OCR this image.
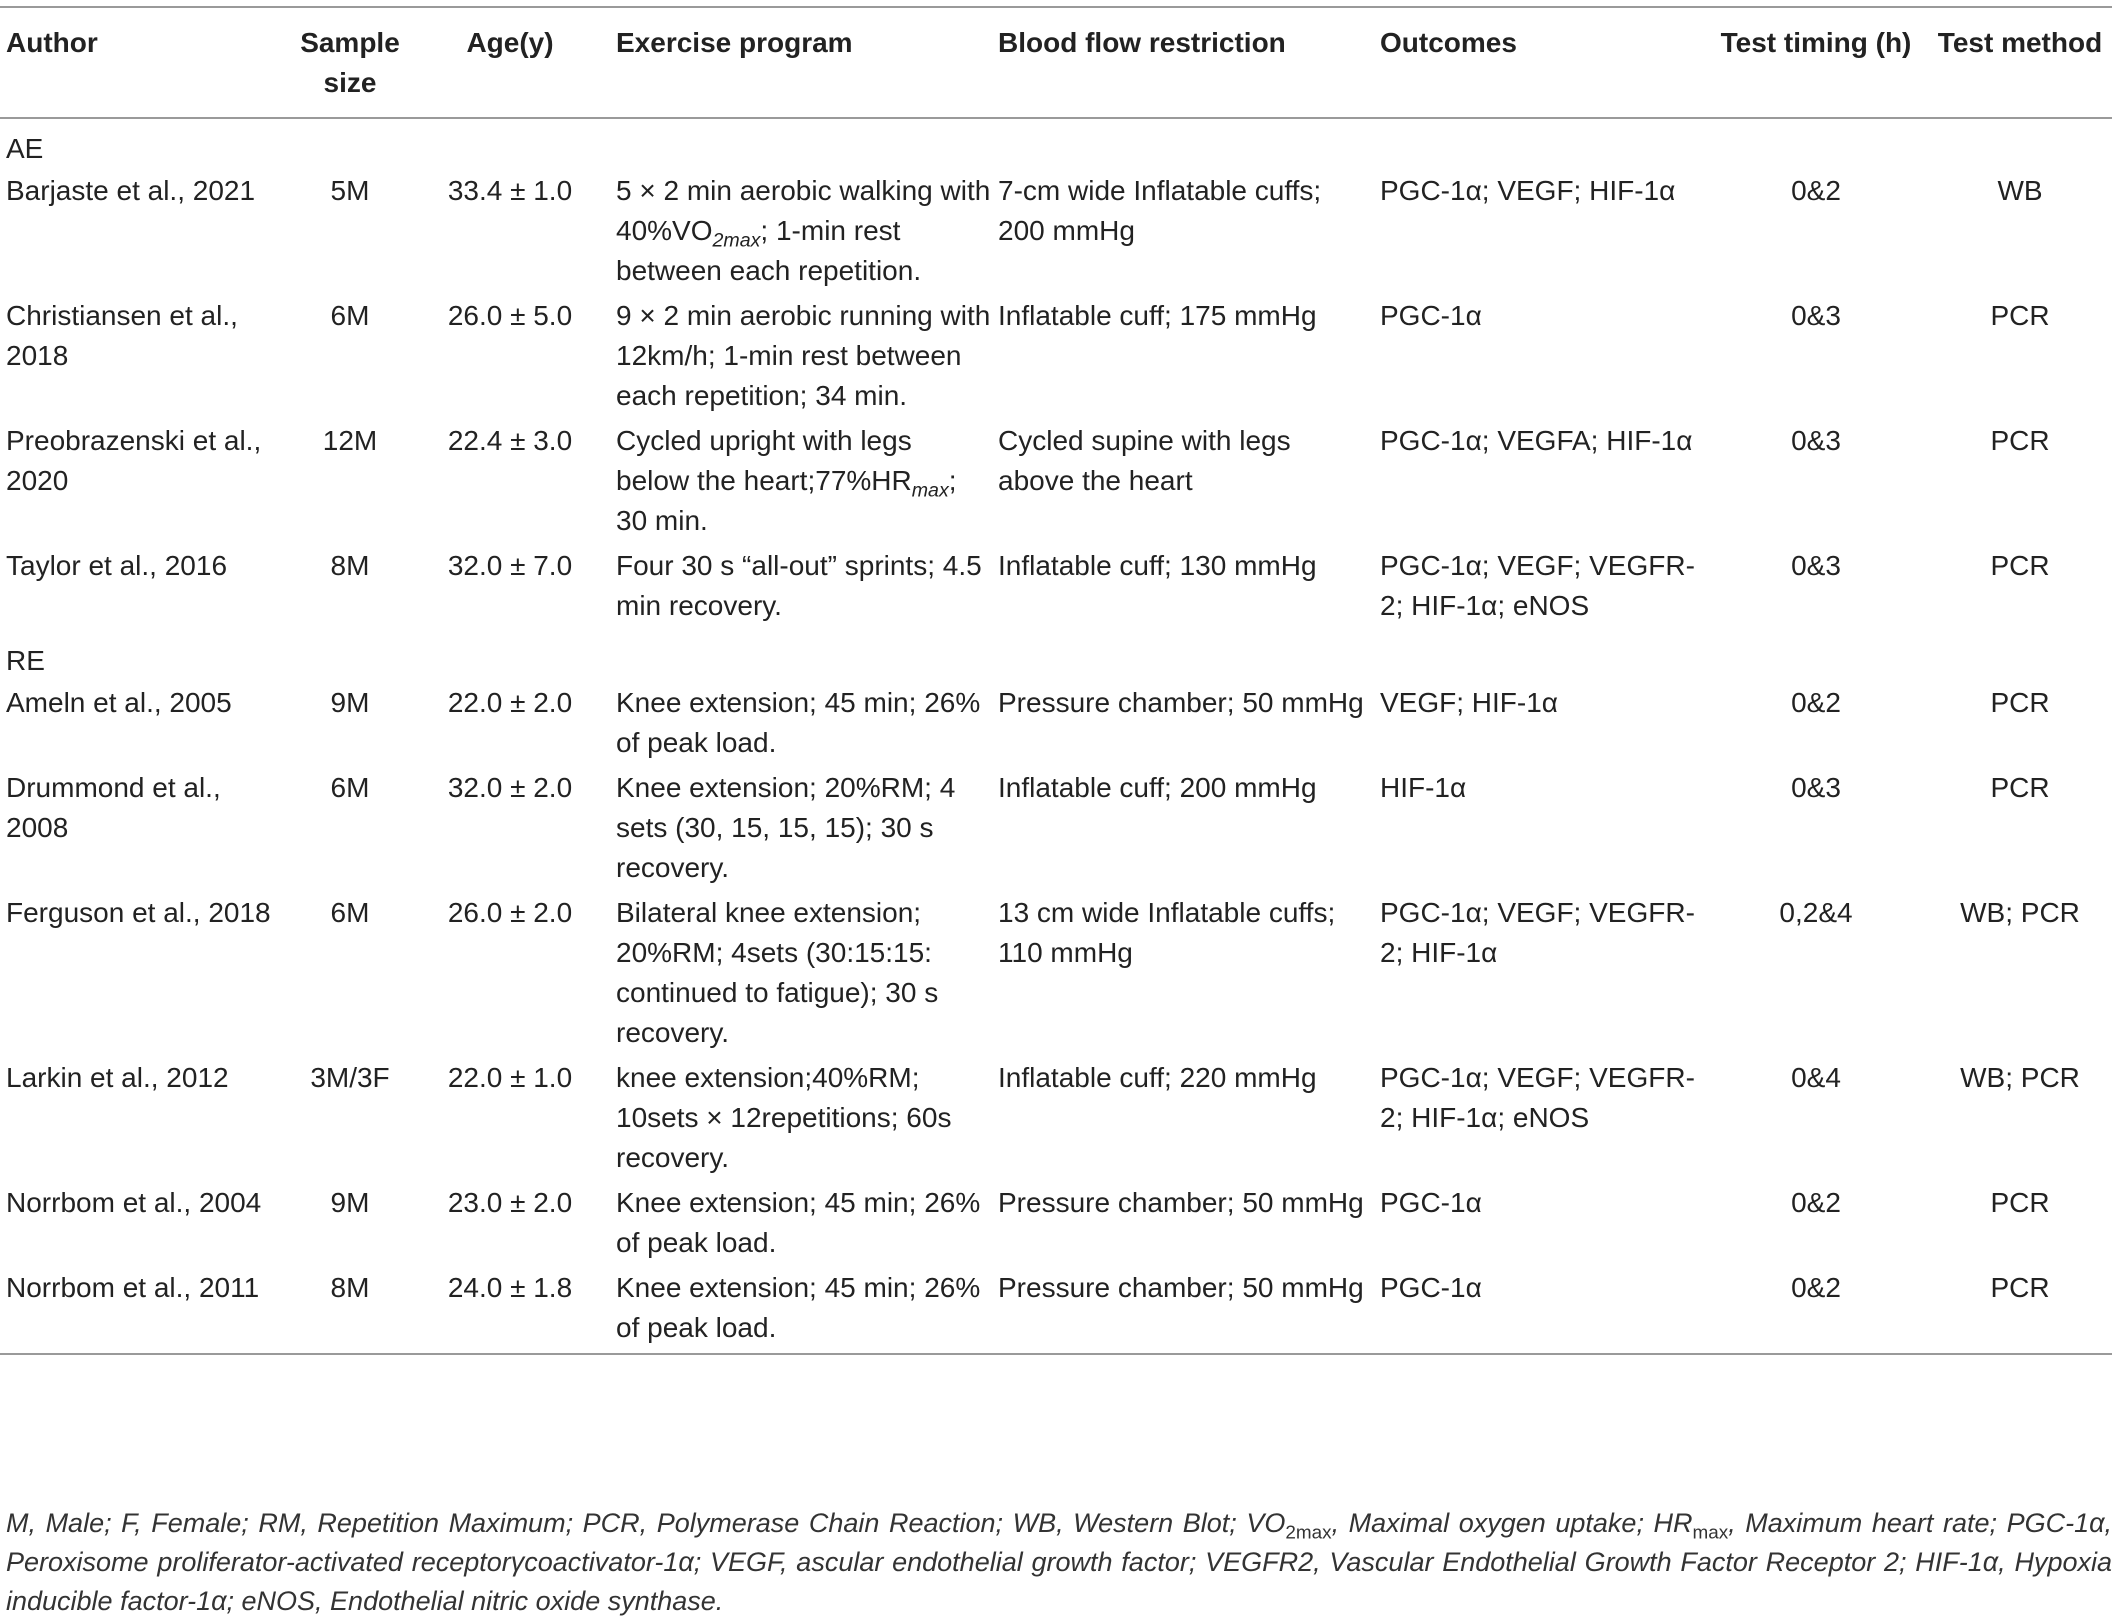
Author	Sample size	Age(y)	Exercise program	Blood flow restriction	Outcomes	Test timing (h)	Test method
AE							
Barjaste et al., 2021	5M	33.4 ± 1.0	5 × 2 min aerobic walking with $40\%VO_{2max}$; 1-min rest between each repetition.	7-cm wide Inflatable cuffs; 200 mmHg	PGC-1α; VEGF; HIF-1α	0&2	WB
Christiansen et al., 2018	6M	26.0 ± 5.0	9 × 2 min aerobic running with 12km/h; 1-min rest between each repetition; 34 min.	Inflatable cuff; 175 mmHg	PGC-1α	0&3	PCR
Preobrazenski et al., 2020	12M	22.4 ± 3.0	Cycled upright with legs below the $heart;77\%HR_{max}$; 30 min.	Cycled supine with legs above the heart	PGC-1α; VEGFA; HIF-1α	0&3	PCR
Taylor et al., 2016	8M	32.0 ± 7.0	Four 30 s “all-out” sprints; 4.5 min recovery.	Inflatable cuff; 130 mmHg	PGC-1α; VEGF; VEGFR-2; HIF-1α; eNOS	0&3	PCR
RE							
Ameln et al., 2005	9M	22.0 ± 2.0	Knee extension; 45 min; 26% of peak load.	Pressure chamber; 50 mmHg	VEGF; HIF-1α	0&2	PCR
Drummond et al., 2008	6M	32.0 ± 2.0	Knee extension; 20%RM; 4 sets (30, 15, 15, 15); 30 s recovery.	Inflatable cuff; 200 mmHg	HIF-1α	0&3	PCR
Ferguson et al., 2018	6M	26.0 ± 2.0	Bilateral knee extension; 20%RM; 4sets (30:15:15: continued to fatigue); 30 s recovery.	13 cm wide Inflatable cuffs; 110 mmHg	PGC-1α; VEGF; VEGFR-2; HIF-1α	0,2&4	WB; PCR
Larkin et al., 2012	3M/3F	22.0 ± 1.0	knee extension;40%RM; 10sets × 12repetitions; 60s recovery.	Inflatable cuff; 220 mmHg	PGC-1α; VEGF; VEGFR-2; HIF-1α; eNOS	0&4	WB; PCR
Norrbom et al., 2004	9M	23.0 ± 2.0	Knee extension; 45 min; 26% of peak load.	Pressure chamber; 50 mmHg	PGC-1α	0&2	PCR
Norrbom et al., 2011	8M	24.0 ± 1.8	Knee extension; 45 min; 26% of peak load.	Pressure chamber; 50 mmHg	PGC-1α	0&2	PCR
M, Male; F, Female; RM, Repetition Maximum; PCR, Polymerase Chain Reaction; WB, Western Blot; $VO_{2max}$, Maximal oxygen uptake; $HR_{max}$, Maximum heart rate; PGC-1α, Peroxisome proliferator-activated receptorγcoactivator-1α; VEGF, ascular endothelial growth factor; VEGFR2, Vascular Endothelial Growth Factor Receptor 2; HIF-1α, Hypoxia inducible factor-1α; eNOS, Endothelial nitric oxide synthase.
